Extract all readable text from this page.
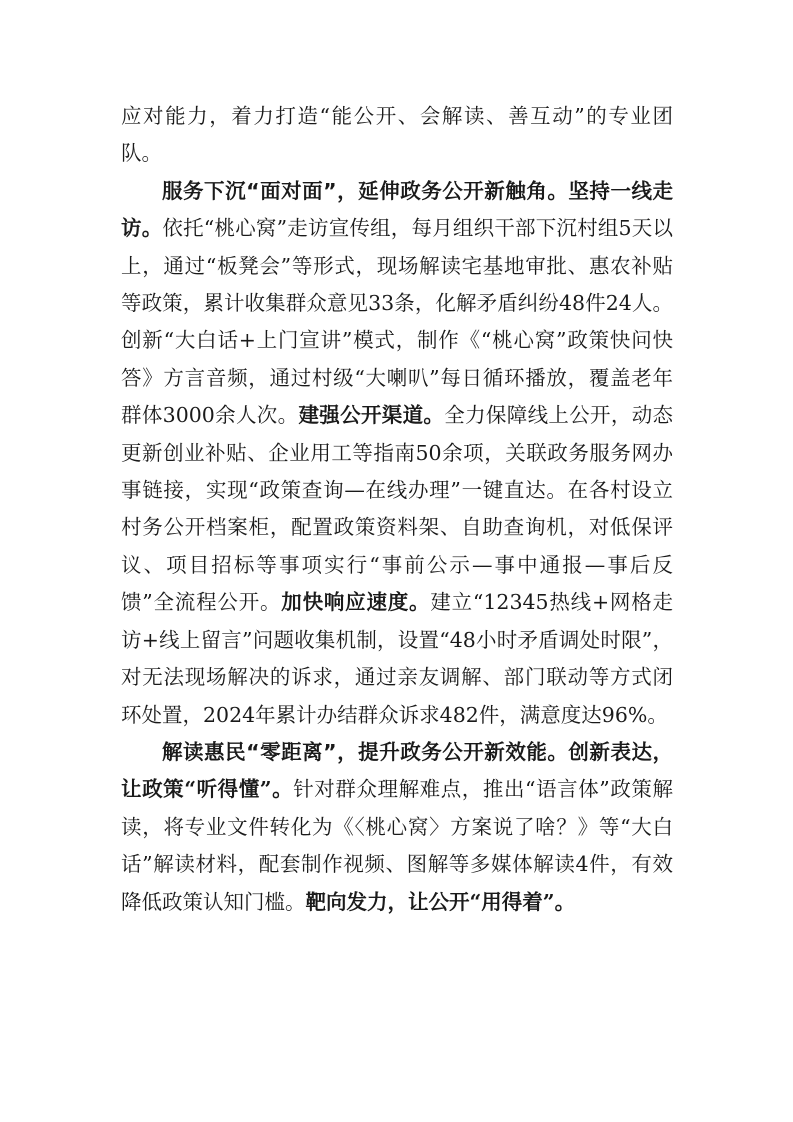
应对能力，着力打造“能公开、会解读、善互动”的专业团队。

服务下沉“面对面”，延伸政务公开新触角。坚持一线走访。依托“桃心窝”走访宣传组，每月组织干部下沉村组5天以上，通过“板凳会”等形式，现场解读宅基地审批、惠农补贴等政策，累计收集群众意见33条，化解矛盾纠纷48件24人。创新“大白话+上门宣讲”模式，制作《“桃心窝”政策快问快答》方言音频，通过村级“大喇叭”每日循环播放，覆盖老年群体3000余人次。建强公开渠道。全力保障线上公开，动态更新创业补贴、企业用工等指南50余项，关联政务服务网办事链接，实现“政策查询—在线办理”一键直达。在各村设立村务公开档案柜，配置政策资料架、自助查询机，对低保评议、项目招标等事项实行“事前公示—事中通报—事后反馈”全流程公开。加快响应速度。建立“12345热线+网格走访+线上留言”问题收集机制，设置“48小时矛盾调处时限”，对无法现场解决的诉求，通过亲友调解、部门联动等方式闭环处置，2024年累计办结群众诉求482件，满意度达96%。

解读惠民“零距离”，提升政务公开新效能。创新表达，让政策“听得懂”。针对群众理解难点，推出“语言体”政策解读，将专业文件转化为《〈桃心窝〉方案说了啥？》等“大白话”解读材料，配套制作视频、图解等多媒体解读4件，有效降低政策认知门槛。靶向发力，让公开“用得着”。
